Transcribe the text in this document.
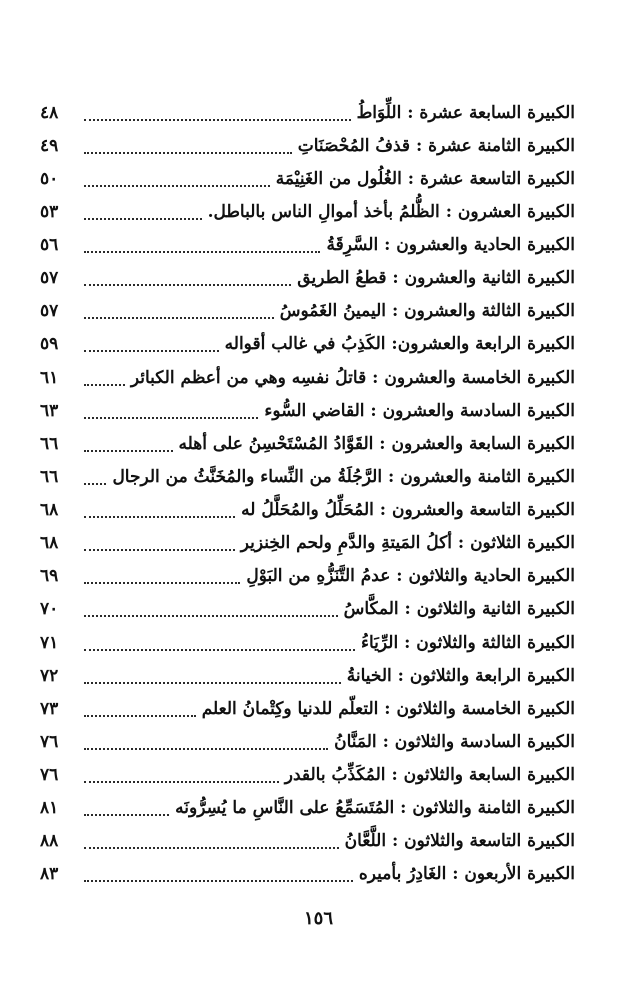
الكبيرة السابعة عشرة : اللِّوَاطُ
٤٨
الكبيرة الثامنة عشرة : قذفُ المُحْصَنَاتِ
٤٩
الكبيرة التاسعة عشرة : الغُلُول من الغَنِيْمَة
٥٠
الكبيرة العشرون : الظُّلمُ بأخذ أموالِ الناس بالباطل.
٥٣
الكبيرة الحادية والعشرون : السَّرِقَةُ
٥٦
الكبيرة الثانية والعشرون : قطعُ الطريق
٥٧
الكبيرة الثالثة والعشرون : اليمينُ الغَمُوسُ
٥٧
الكبيرة الرابعة والعشرون: الكَذِبُ في غالب أقواله
٥٩
الكبيرة الخامسة والعشرون : قاتلُ نفسِه وهي من أعظم الكبائر
٦١
الكبيرة السادسة والعشرون : القاضي السُّوء
٦٣
الكبيرة السابعة والعشرون : القَوَّادُ المُسْتَحْسِنُ على أهله
٦٦
الكبيرة الثامنة والعشرون : الرَّجُلَةُ من النِّساء والمُخَنَّثُ من الرجال
٦٦
الكبيرة التاسعة والعشرون : المُحَلِّلُ والمُحَلَّلُ له
٦٨
الكبيرة الثلاثون : أكلُ المَيتةِ والدَّمِ ولحم الخِنزير
٦٨
الكبيرة الحادية والثلاثون : عدمُ التَّنَزُّهِ من البَوْلِ
٦٩
الكبيرة الثانية والثلاثون : المكَّاسُ
٧٠
الكبيرة الثالثة والثلاثون : الرِّيَاءُ
٧١
الكبيرة الرابعة والثلاثون : الخيانةُ
٧٢
الكبيرة الخامسة والثلاثون : التعلّم للدنيا وكِتْمانُ العلم
٧٣
الكبيرة السادسة والثلاثون : المَنَّانُ
٧٦
الكبيرة السابعة والثلاثون : المُكَذِّبُ بالقدر
٧٦
الكبيرة الثامنة والثلاثون : المُتَسَمِّعُ على النَّاسِ ما يُسِرُّونَه
٨١
الكبيرة التاسعة والثلاثون : اللَّعَّانُ
٨٨
الكبيرة الأربعون : الغَادِرُ بأميره
٨٣
١٥٦
